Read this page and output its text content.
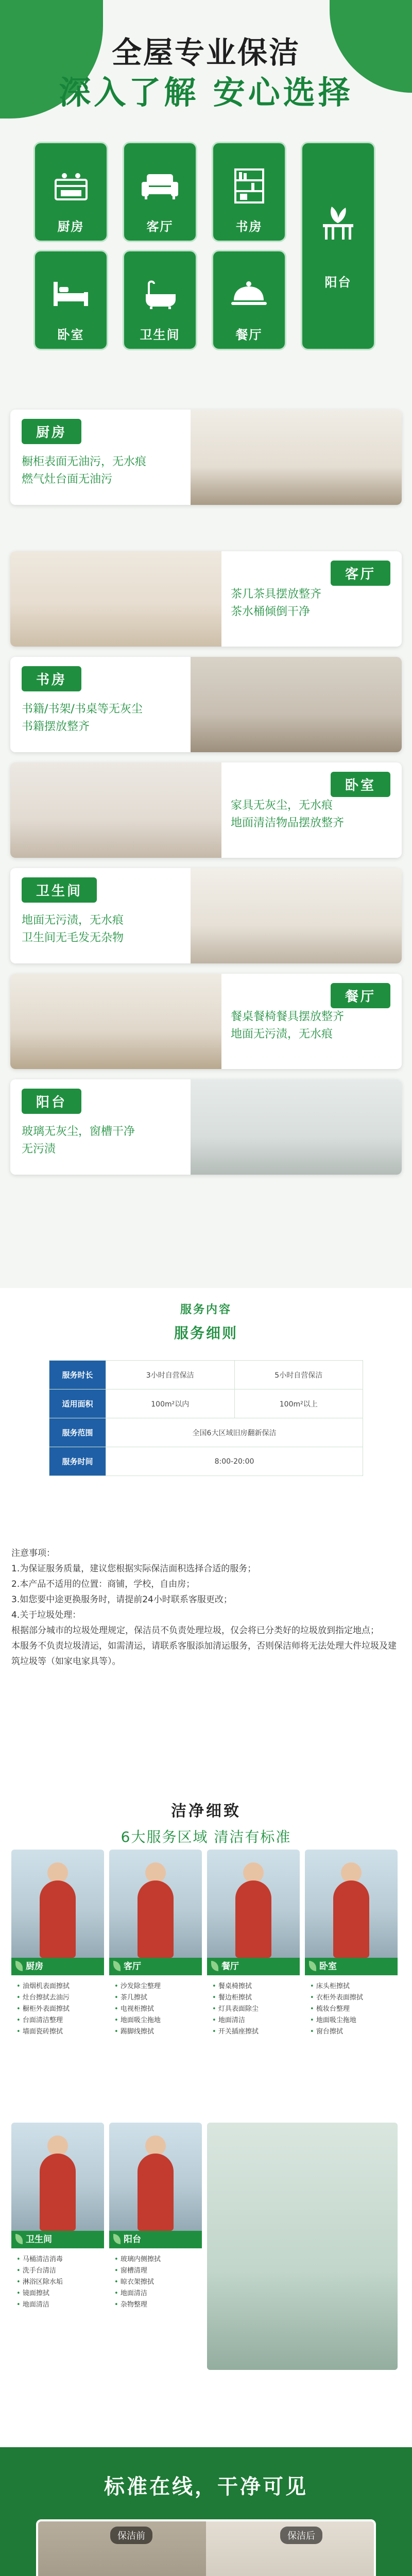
全屋专业保洁
深入了解 安心选择
厨房	客厅	书房
阳台
卧室	卫生间	餐厅
厨房
橱柜表面无油污，无水痕
燃气灶台面无油污
客厅
茶几茶具摆放整齐
茶水桶倾倒干净
书房
书籍/书架/书桌等无灰尘
书籍摆放整齐
卧室
家具无灰尘，无水痕
地面清洁物品摆放整齐
卫生间
地面无污渍，无水痕
卫生间无毛发无杂物
餐厅
餐桌餐椅餐具摆放整齐
地面无污渍，无水痕
阳台
玻璃无灰尘，窗槽干净
无污渍
服务内容
服务细则
服务时长	3小时自营保洁	5小时自营保洁
适用面积	100m²以内	100m²以上
服务范围	全国6大区域旧房翻新保洁	
服务时间	8:00-20:00	
注意事项：
1.为保证服务质量，建议您根据实际保洁面积选择合适的服务；
2.本产品不适用的位置：商铺，学校，自由房；
3.如您要中途更换服务时，请提前24小时联系客服更改；
4.关于垃圾处理：
根据部分城市的垃圾处理规定，保洁员不负责处理垃圾，仅会将已分类好的垃圾放到指定地点；
本服务不负责垃圾清运，如需清运，请联系客服添加清运服务，否则保洁师将无法处理大件垃圾及建筑垃圾等（如家电家具等）。
洁净细致
6大服务区域 清洁有标准
厨房
• 油烟机表面擦拭
• 灶台擦拭去油污
• 橱柜外表面擦拭
• 台面清洁整理
• 墙面瓷砖擦拭
客厅
• 沙发除尘整理
• 茶几擦拭
• 电视柜擦拭
• 地面吸尘拖地
• 踢脚线擦拭
餐厅
• 餐桌椅擦拭
• 餐边柜擦拭
• 灯具表面除尘
• 地面清洁
• 开关插座擦拭
卧室
• 床头柜擦拭
• 衣柜外表面擦拭
• 梳妆台整理
• 地面吸尘拖地
• 窗台擦拭
卫生间
• 马桶清洁消毒
• 洗手台清洁
• 淋浴区除水垢
• 镜面擦拭
• 地面清洁
阳台
• 玻璃内侧擦拭
• 窗槽清理
• 晾衣架擦拭
• 地面清洁
• 杂物整理
标准在线，干净可见
保洁前	保洁后
